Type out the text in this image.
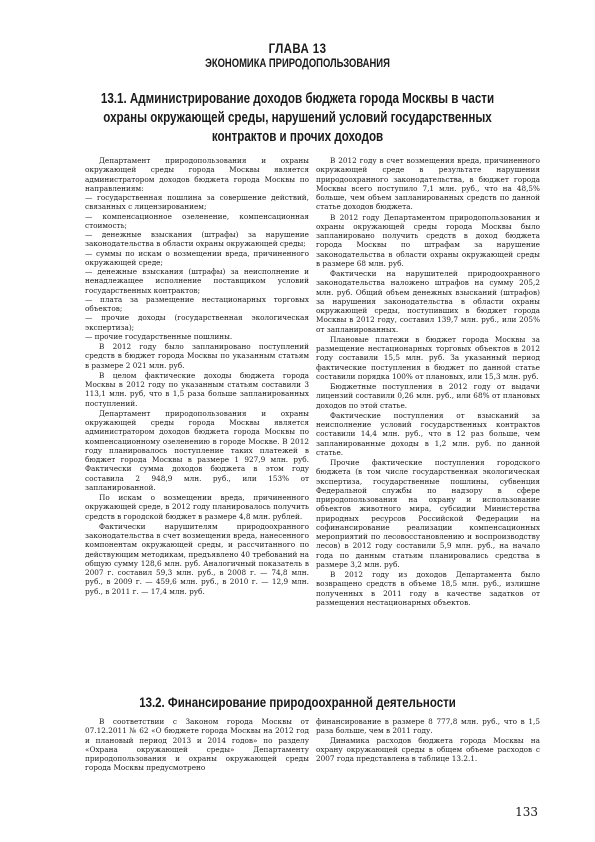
ГЛАВА 13
ЭКОНОМИКА ПРИРОДОПОЛЬЗОВАНИЯ
13.1. Администрирование доходов бюджета города Москвы в части охраны окружающей среды, нарушений условий государственных контрактов и прочих доходов

Департамент природопользования и охраны окружающей среды города Москвы является администратором доходов бюджета города Москвы по направлениям:

— государственная пошлина за совершение действий, связанных с лицензированием;

— компенсационное озеленение, компенсационная стоимость;

— денежные взыскания (штрафы) за нарушение законодательства в области охраны окружающей среды;

— суммы по искам о возмещении вреда, причиненного окружающей среде;

— денежные взыскания (штрафы) за неисполнение и ненадлежащее исполнение поставщиком условий государственных контрактов;

— плата за размещение нестационарных торговых объектов;

— прочие доходы (государственная экологическая экспертиза);

— прочие государственные пошлины.

В 2012 году было запланировано поступлений средств в бюджет города Москвы по указанным статьям в размере 2 021 млн. руб.

В целом фактические доходы бюджета города Москвы в 2012 году по указанным статьям составили 3 113,1 млн. руб, что в 1,5 раза больше запланированных поступлений.

Департамент природопользования и охраны окружающей среды города Москвы является администратором доходов бюджета города Москвы по компенсационному озеленению в городе Москве. В 2012 году планировалось поступление таких платежей в бюджет города Москвы в размере 1 927,9 млн. руб. Фактически сумма доходов бюджета в этом году составила 2 948,9 млн. руб., или 153% от запланированной.

По искам о возмещении вреда, причиненного окружающей среде, в 2012 году планировалось получить средств в городской бюджет в размере 4,8 млн. рублей.

Фактически нарушителям природоохранного законодательства в счет возмещения вреда, нанесенного компонентам окружающей среды, и рассчитанного по действующим методикам, предъявлено 40 требований на общую сумму 128,6 млн. руб. Аналогичный показатель в 2007 г. составил 59,3 млн. руб., в 2008 г. — 74,8 млн. руб., в 2009 г. — 459,6 млн. руб., в 2010 г. — 12,9 млн. руб., в 2011 г. — 17,4 млн. руб.

В 2012 году в счет возмещения вреда, причиненного окружающей среде в результате нарушения природоохранного законодательства, в бюджет города Москвы всего поступило 7,1 млн. руб., что на 48,5% больше, чем объем запланированных средств по данной статье доходов бюджета.

В 2012 году Департаментом природопользования и охраны окружающей среды города Москвы было запланировано получить средств в доход бюджета города Москвы по штрафам за нарушение законодательства в области охраны окружающей среды в размере 68 млн. руб.

Фактически на нарушителей природоохранного законодательства наложено штрафов на сумму 205,2 млн. руб. Общий объем денежных взысканий (штрафов) за нарушения законодательства в области охраны окружающей среды, поступивших в бюджет города Москвы в 2012 году, составил 139,7 млн. руб., или 205% от запланированных.

Плановые платежи в бюджет города Москвы за размещение нестационарных торговых объектов в 2012 году составили 15,5 млн. руб. За указанный период фактические поступления в бюджет по данной статье составили порядка 100% от плановых, или 15,3 млн. руб.

Бюджетные поступления в 2012 году от выдачи лицензий составили 0,26 млн. руб., или 68% от плановых доходов по этой статье.

Фактические поступления от взысканий за неисполнение условий государственных контрактов составили 14,4 млн. руб., что в 12 раз больше, чем запланированные доходы в 1,2 млн. руб. по данной статье.

Прочие фактические поступления городского бюджета (в том числе государственная экологическая экспертиза, государственные пошлины, субвенция Федеральной службы по надзору в сфере природопользования на охрану и использование объектов животного мира, субсидии Министерства природных ресурсов Российской Федерации на софинансирование реализации компенсационных мероприятий по лесовосстановлению и воспроизводству лесов) в 2012 году составили 5,9 млн. руб., на начало года по данным статьям планировались средства в размере 3,2 млн. руб.

В 2012 году из доходов Департамента было возвращено средств в объеме 18,5 млн. руб., излишне полученных в 2011 году в качестве задатков от размещения нестационарных объектов.

13.2. Финансирование природоохранной деятельности

В соответствии с Законом города Москвы от 07.12.2011 № 62 «О бюджете города Москвы на 2012 год и плановый период 2013 и 2014 годов» по разделу «Охрана окружающей среды» Департаменту природопользования и охраны окружающей среды города Москвы предусмотрено

финансирование в размере 8 777,8 млн. руб., что в 1,5 раза больше, чем в 2011 году.

Динамика расходов бюджета города Москвы на охрану окружающей среды в общем объеме расходов с 2007 года представлена в таблице 13.2.1.

133
